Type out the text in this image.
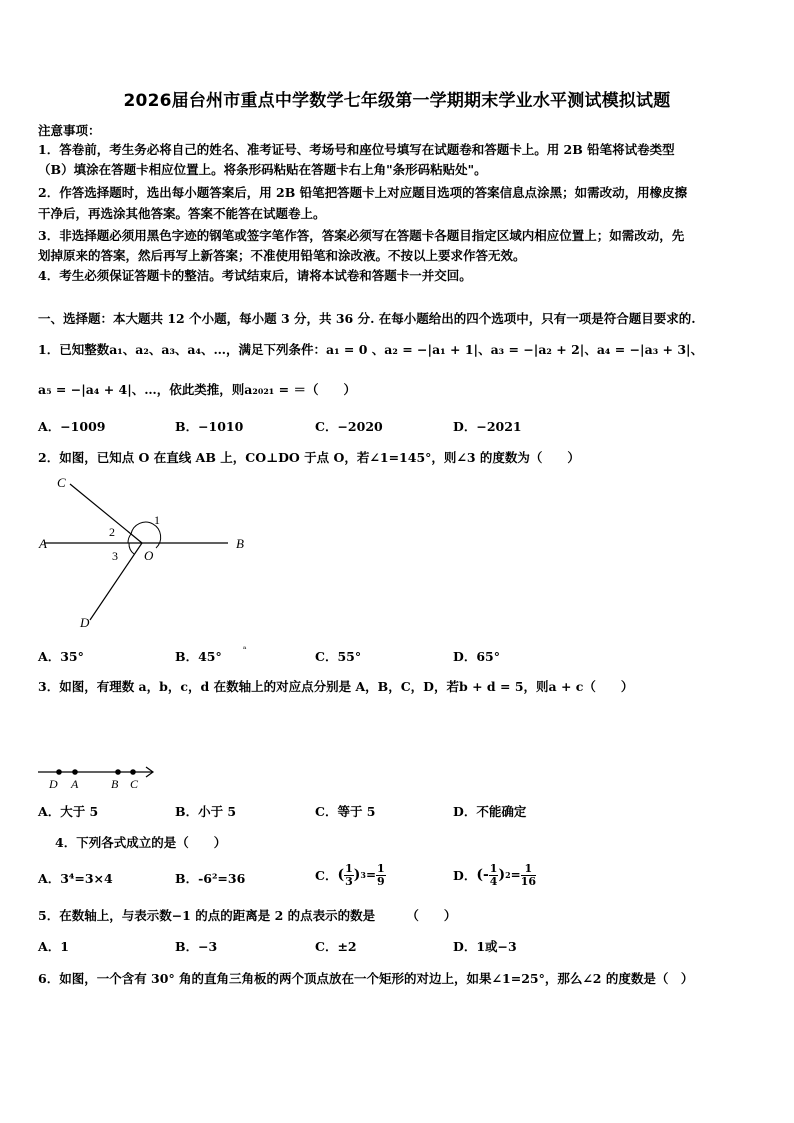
2026届台州市重点中学数学七年级第一学期期末学业水平测试模拟试题
注意事项：
1．答卷前，考生务必将自己的姓名、准考证号、考场号和座位号填写在试题卷和答题卡上。用 2B 铅笔将试卷类型
（B）填涂在答题卡相应位置上。将条形码粘贴在答题卡右上角"条形码粘贴处"。
2．作答选择题时，选出每小题答案后，用 2B 铅笔把答题卡上对应题目选项的答案信息点涂黑；如需改动，用橡皮擦
干净后，再选涂其他答案。答案不能答在试题卷上。
3．非选择题必须用黑色字迹的钢笔或签字笔作答，答案必须写在答题卡各题目指定区域内相应位置上；如需改动，先
划掉原来的答案，然后再写上新答案；不准使用铅笔和涂改液。不按以上要求作答无效。
4．考生必须保证答题卡的整洁。考试结束后，请将本试卷和答题卡一并交回。
一、选择题：本大题共 12 个小题，每小题 3 分，共 36 分. 在每小题给出的四个选项中，只有一项是符合题目要求的.
1．已知整数a₁、a₂、a₃、a₄、…，满足下列条件：a₁ = 0 、a₂ = −|a₁ + 1|、a₃ = −|a₂ + 2|、a₄ = −|a₃ + 3|、
a₅ = −|a₄ + 4|、…，依此类推，则a₂₀₂₁ = ＝（　　）
A．−1009	B．−1010	C．−2020	D．−2021
2．如图，已知点 O 在直线 AB 上，CO⊥DO 于点 O，若∠1=145°，则∠3 的度数为（　　）
C
A	B
O
D
1
2
3
A．35°	B．45° ᵃ	C．55°	D．65°
3．如图，有理数 a，b，c，d 在数轴上的对应点分别是 A，B，C，D，若b + d = 5，则a + c（　　）
D A	B C
A．大于 5	B．小于 5	C．等于 5	D．不能确定
4．下列各式成立的是（　　）
A．3⁴=3×4	B．-6²=36	C． ( $\frac{1}{3}$ ) $3 = \frac{1}{9}$	D． (- $\frac{1}{4}$ ) $2 = \frac{1}{16}$
5．在数轴上，与表示数−1 的点的距离是 2 的点表示的数是　　　（　　）
A．1	B．−3	C．±2	D．1或−3
6．如图，一个含有 30° 角的直角三角板的两个顶点放在一个矩形的对边上，如果∠1=25°，那么∠2 的度数是（　）
